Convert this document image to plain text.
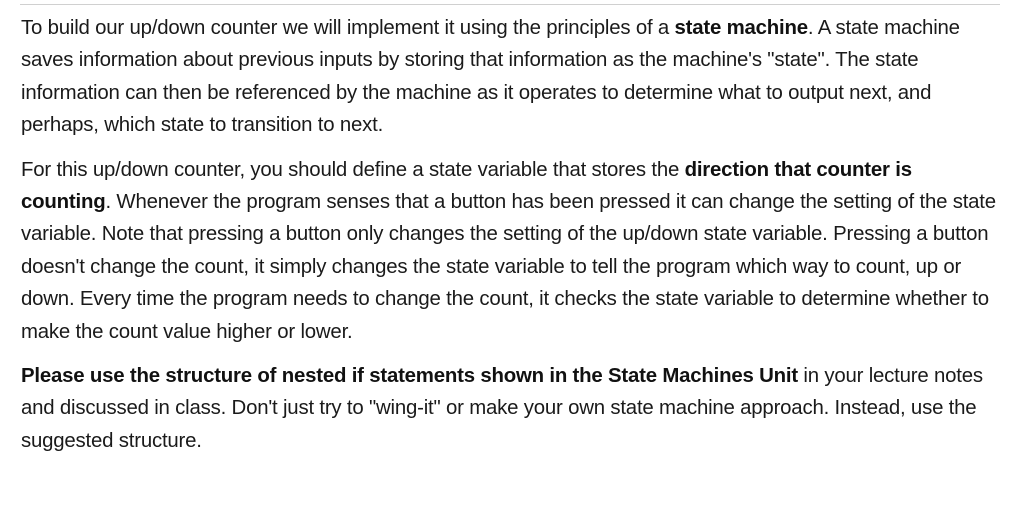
To build our up/down counter we will implement it using the principles of a state machine. A state machine saves information about previous inputs by storing that information as the machine's "state". The state information can then be referenced by the machine as it operates to determine what to output next, and perhaps, which state to transition to next.

For this up/down counter, you should define a state variable that stores the direction that counter is counting. Whenever the program senses that a button has been pressed it can change the setting of the state variable. Note that pressing a button only changes the setting of the up/down state variable. Pressing a button doesn't change the count, it simply changes the state variable to tell the program which way to count, up or down. Every time the program needs to change the count, it checks the state variable to determine whether to make the count value higher or lower.

Please use the structure of nested if statements shown in the State Machines Unit in your lecture notes and discussed in class. Don't just try to "wing-it" or make your own state machine approach. Instead, use the suggested structure.
